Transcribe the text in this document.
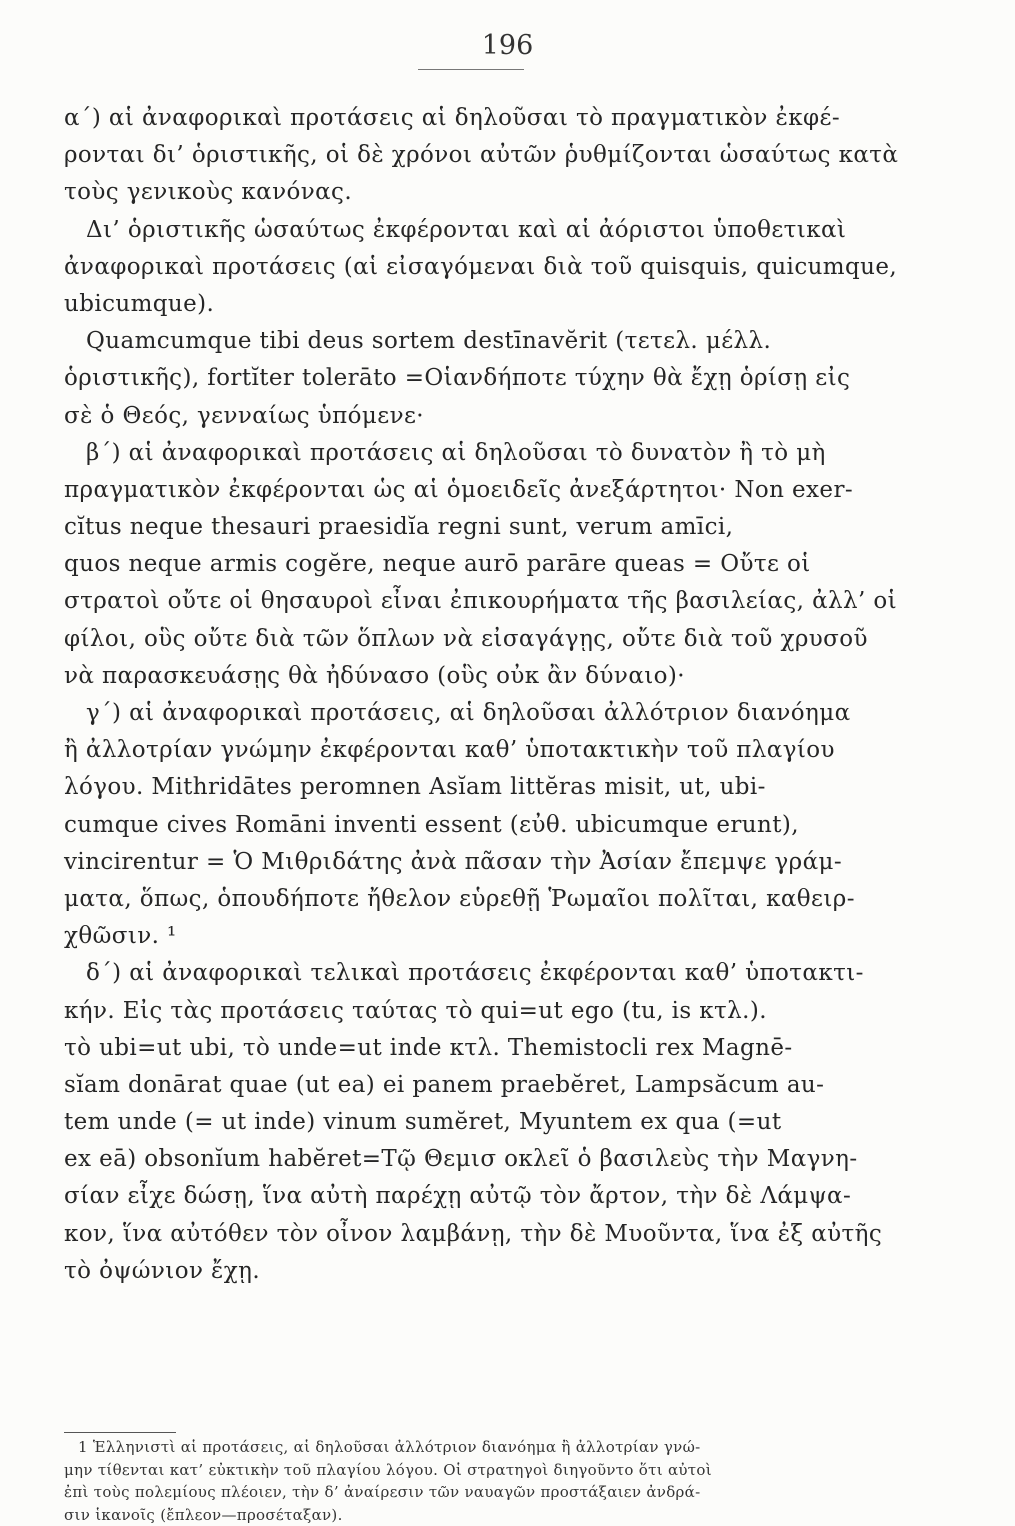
196
α΄) αἱ ἀναφορικαὶ προτάσεις αἱ δηλοῦσαι τὸ πραγματικὸν ἐκφέ-
ρονται δι’ ὁριστικῆς, οἱ δὲ χρόνοι αὐτῶν ῥυθμίζονται ὡσαύτως κατὰ
τοὺς γενικοὺς κανόνας.
Δι’ ὁριστικῆς ὡσαύτως ἐκφέρονται καὶ αἱ ἀόριστοι ὑποθετικαὶ
ἀναφορικαὶ προτάσεις (αἱ εἰσαγόμεναι διὰ τοῦ quisquis, quicumque,
ubicumque).
Quamcumque tibi deus sortem destīnavĕrit (τετελ. μέλλ.
ὁριστικῆς), fortĭter tolerāto =Οἱανδήποτε τύχην θὰ ἔχῃ ὁρίσῃ εἰς
σὲ ὁ Θεός, γενναίως ὑπόμενε·
β΄) αἱ ἀναφορικαὶ προτάσεις αἱ δηλοῦσαι τὸ δυνατὸν ἢ τὸ μὴ
πραγματικὸν ἐκφέρονται ὡς αἱ ὁμοειδεῖς ἀνεξάρτητοι· Non exer-
cĭtus neque thesauri praesidĭa regni sunt, verum amīci,
quos neque armis cogĕre, neque aurō parāre queas = Οὔτε οἱ
στρατοὶ οὔτε οἱ θησαυροὶ εἶναι ἐπικουρήματα τῆς βασιλείας, ἀλλ’ οἱ
φίλοι, οὓς οὔτε διὰ τῶν ὅπλων νὰ εἰσαγάγῃς, οὔτε διὰ τοῦ χρυσοῦ
νὰ παρασκευάσῃς θὰ ἠδύνασο (οὓς οὐκ ἂν δύναιο)·
γ΄) αἱ ἀναφορικαὶ προτάσεις, αἱ δηλοῦσαι ἀλλότριον διανόημα
ἢ ἀλλοτρίαν γνώμην ἐκφέρονται καθ’ ὑποτακτικὴν τοῦ πλαγίου
λόγου. Mithridātes peromnen Asĭam littĕras misit, ut, ubi-
cumque cives Romāni inventi essent (εὐθ. ubicumque erunt),
vincirentur = Ὁ Μιθριδάτης ἀνὰ πᾶσαν τὴν Ἀσίαν ἔπεμψε γράμ-
ματα, ὅπως, ὁπουδήποτε ἤθελον εὑρεθῇ Ῥωμαῖοι πολῖται, καθειρ-
χθῶσιν. ¹
δ΄) αἱ ἀναφορικαὶ τελικαὶ προτάσεις ἐκφέρονται καθ’ ὑποτακτι-
κήν. Εἰς τὰς προτάσεις ταύτας τὸ qui=ut ego (tu, is κτλ.).
τὸ ubi=ut ubi, τὸ unde=ut inde κτλ. Themistocli rex Magnē-
sĭam donārat quae (ut ea) ei panem praebĕret, Lampsăcum au-
tem unde (= ut inde) vinum sumĕret, Myuntem ex qua (=ut
ex eā) obsonĭum habĕret=Τῷ Θεμισ οκλεῖ ὁ βασιλεὺς τὴν Μαγνη-
σίαν εἶχε δώσῃ, ἵνα αὐτὴ παρέχῃ αὐτῷ τὸν ἄρτον, τὴν δὲ Λάμψα-
κον, ἵνα αὐτόθεν τὸν οἶνον λαμβάνῃ, τὴν δὲ Μυοῦντα, ἵνα ἐξ αὐτῆς
τὸ ὀψώνιον ἔχῃ.
1 Ἑλληνιστὶ αἱ προτάσεις, αἱ δηλοῦσαι ἀλλότριον διανόημα ἢ ἀλλοτρίαν γνώ-
μην τίθενται κατ’ εὐκτικὴν τοῦ πλαγίου λόγου. Οἱ στρατηγοὶ διηγοῦντο ὅτι αὐτοὶ
ἐπὶ τοὺς πολεμίους πλέοιεν, τὴν δ’ ἀναίρεσιν τῶν ναυαγῶν προστάξαιεν ἀνδρά-
σιν ἱκανοῖς (ἔπλεον—προσέταξαν).
